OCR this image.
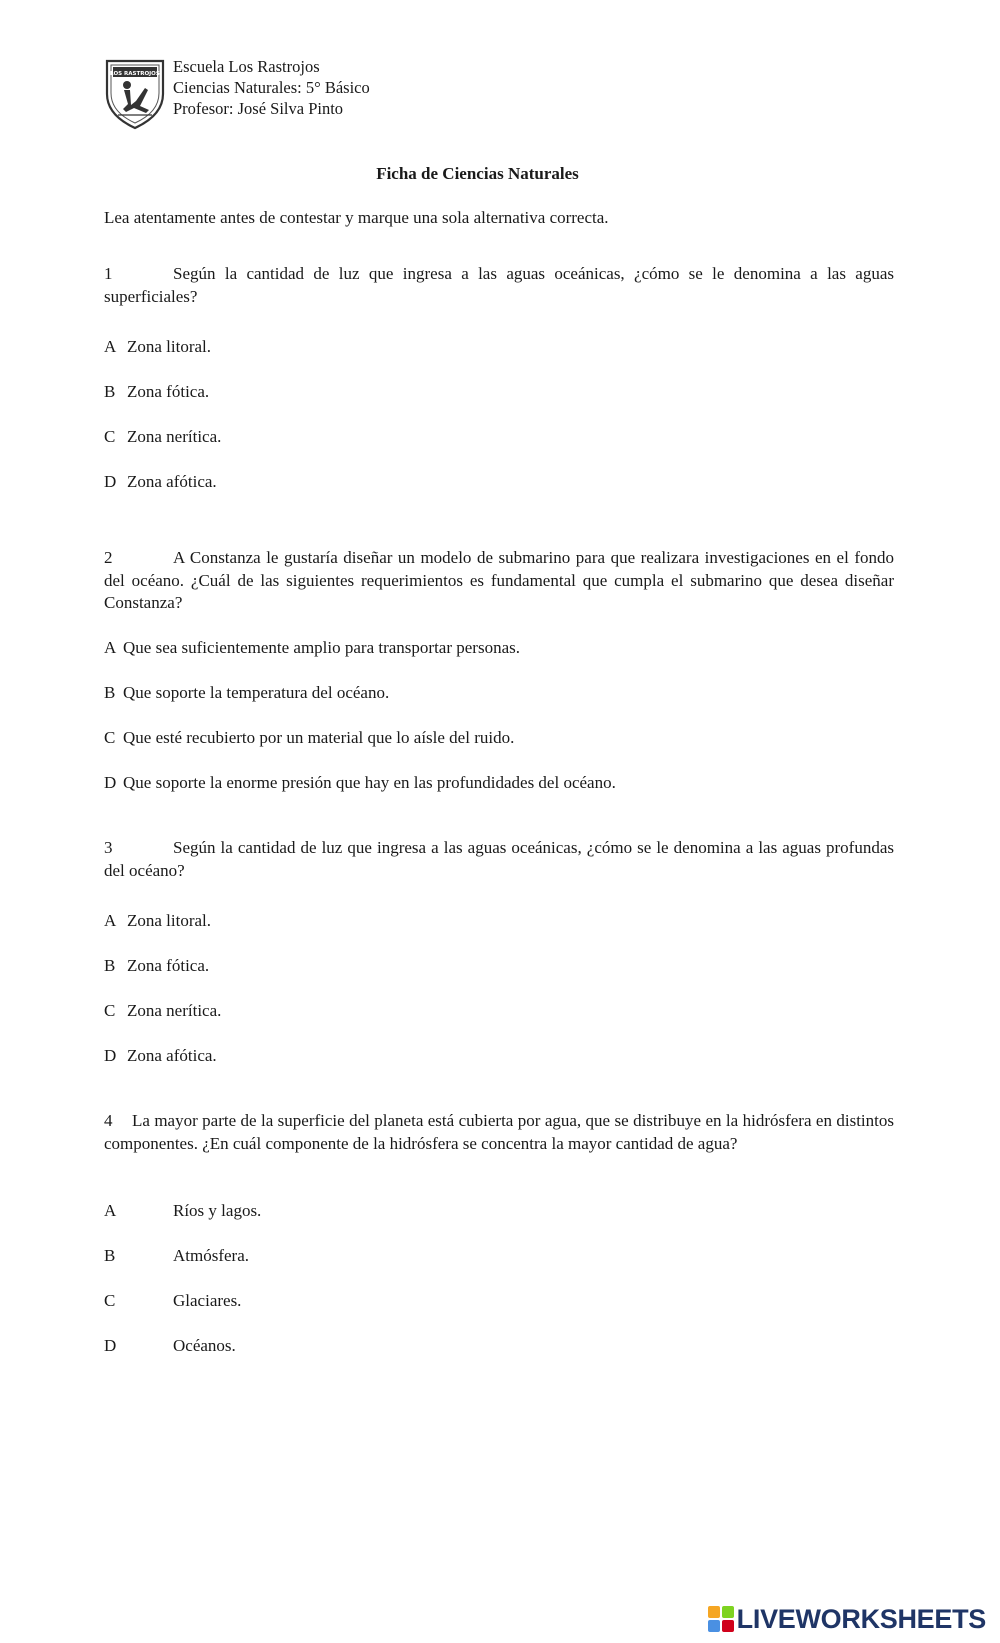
LOS RASTROJOS Escuela Los Rastrojos
Ciencias Naturales: 5° Básico
Profesor: José Silva Pinto
Ficha de Ciencias Naturales
Lea atentamente antes de contestar y marque una sola alternativa correcta.
1	Según la cantidad de luz que ingresa a las aguas oceánicas, ¿cómo se le denomina a las aguas superficiales?
A Zona litoral.
B Zona fótica.
C Zona nerítica.
D Zona afótica.
2	A Constanza le gustaría diseñar un modelo de submarino para que realizara investigaciones en el fondo del océano. ¿Cuál de las siguientes requerimientos es fundamental que cumpla el submarino que desea diseñar Constanza?
A Que sea suficientemente amplio para transportar personas.
B Que soporte la temperatura del océano.
C Que esté recubierto por un material que lo aísle del ruido.
D Que soporte la enorme presión que hay en las profundidades del océano.
3	Según la cantidad de luz que ingresa a las aguas oceánicas, ¿cómo se le denomina a las aguas profundas del océano?
A Zona litoral.
B Zona fótica.
C Zona nerítica.
D Zona afótica.
4 La mayor parte de la superficie del planeta está cubierta por agua, que se distribuye en la hidrósfera en distintos componentes. ¿En cuál componente de la hidrósfera se concentra la mayor cantidad de agua?
A	Ríos y lagos.
B	Atmósfera.
C	Glaciares.
D	Océanos.
LIVEWORKSHEETS
